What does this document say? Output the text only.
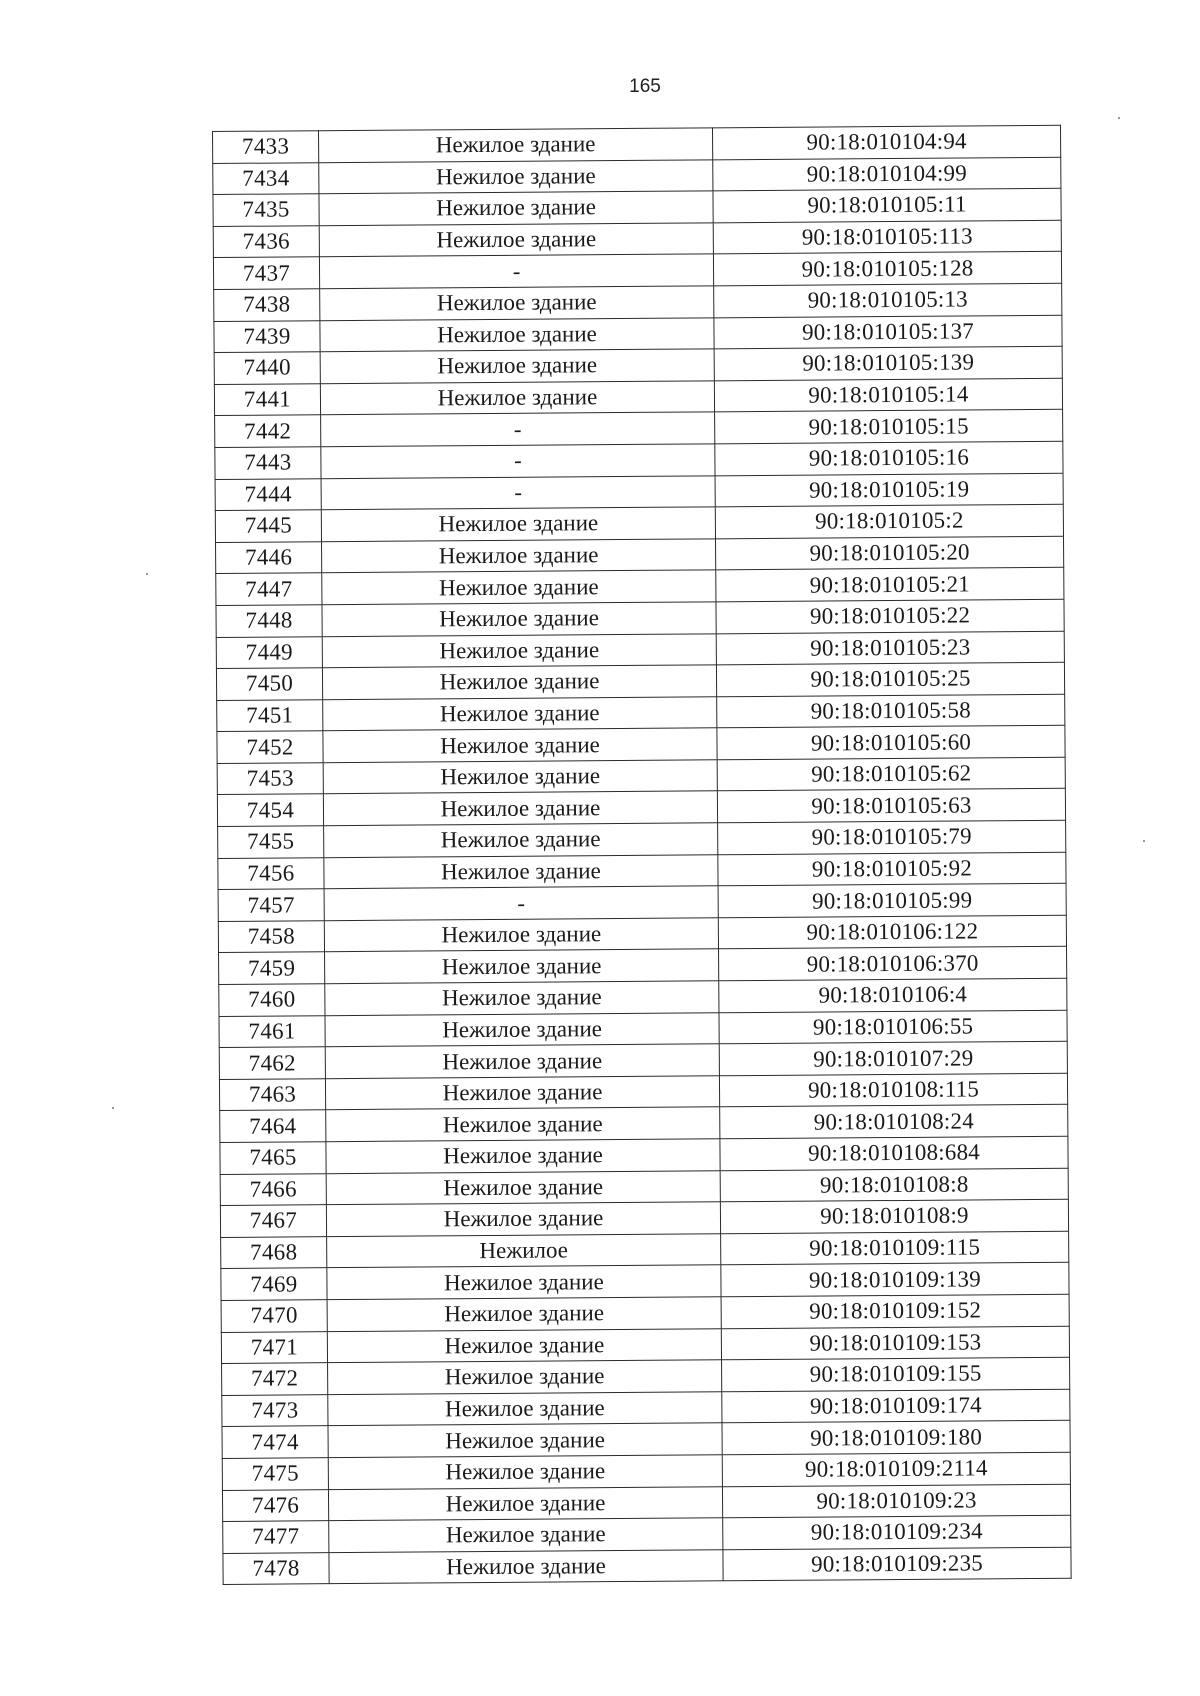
165
7433	Нежилое здание	90:18:010104:94
7434	Нежилое здание	90:18:010104:99
7435	Нежилое здание	90:18:010105:11
7436	Нежилое здание	90:18:010105:113
7437	-	90:18:010105:128
7438	Нежилое здание	90:18:010105:13
7439	Нежилое здание	90:18:010105:137
7440	Нежилое здание	90:18:010105:139
7441	Нежилое здание	90:18:010105:14
7442	-	90:18:010105:15
7443	-	90:18:010105:16
7444	-	90:18:010105:19
7445	Нежилое здание	90:18:010105:2
7446	Нежилое здание	90:18:010105:20
7447	Нежилое здание	90:18:010105:21
7448	Нежилое здание	90:18:010105:22
7449	Нежилое здание	90:18:010105:23
7450	Нежилое здание	90:18:010105:25
7451	Нежилое здание	90:18:010105:58
7452	Нежилое здание	90:18:010105:60
7453	Нежилое здание	90:18:010105:62
7454	Нежилое здание	90:18:010105:63
7455	Нежилое здание	90:18:010105:79
7456	Нежилое здание	90:18:010105:92
7457	-	90:18:010105:99
7458	Нежилое здание	90:18:010106:122
7459	Нежилое здание	90:18:010106:370
7460	Нежилое здание	90:18:010106:4
7461	Нежилое здание	90:18:010106:55
7462	Нежилое здание	90:18:010107:29
7463	Нежилое здание	90:18:010108:115
7464	Нежилое здание	90:18:010108:24
7465	Нежилое здание	90:18:010108:684
7466	Нежилое здание	90:18:010108:8
7467	Нежилое здание	90:18:010108:9
7468	Нежилое	90:18:010109:115
7469	Нежилое здание	90:18:010109:139
7470	Нежилое здание	90:18:010109:152
7471	Нежилое здание	90:18:010109:153
7472	Нежилое здание	90:18:010109:155
7473	Нежилое здание	90:18:010109:174
7474	Нежилое здание	90:18:010109:180
7475	Нежилое здание	90:18:010109:2114
7476	Нежилое здание	90:18:010109:23
7477	Нежилое здание	90:18:010109:234
7478	Нежилое здание	90:18:010109:235
